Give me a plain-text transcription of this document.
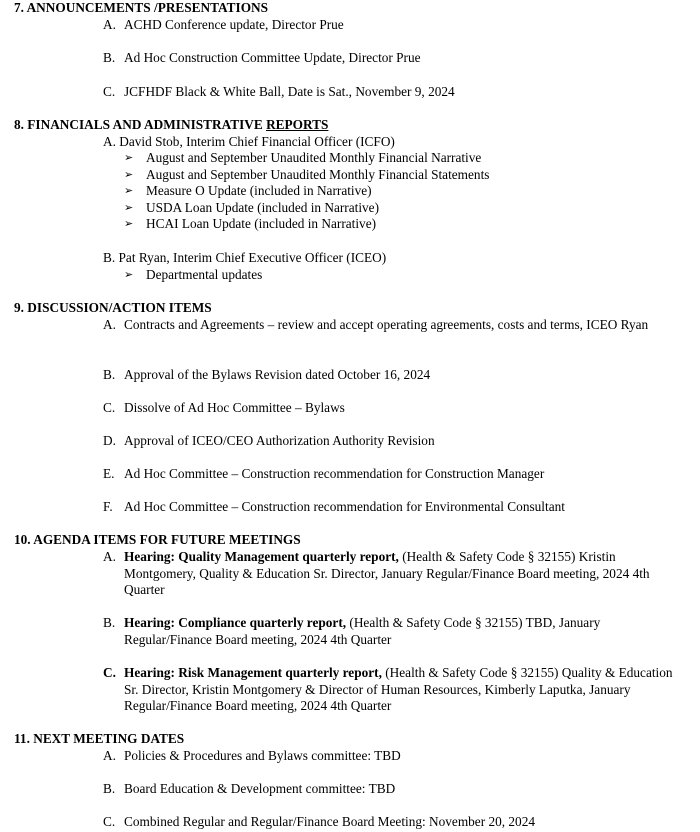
7. ANNOUNCEMENTS /PRESENTATIONS
A. ACHD Conference update, Director Prue
B. Ad Hoc Construction Committee Update, Director Prue
C. JCFHDF Black & White Ball, Date is Sat., November 9, 2024
8. FINANCIALS AND ADMINISTRATIVE REPORTS
A. David Stob, Interim Chief Financial Officer (ICFO)
➢ August and September Unaudited Monthly Financial Narrative
➢ August and September Unaudited Monthly Financial Statements
➢ Measure O Update (included in Narrative)
➢ USDA Loan Update (included in Narrative)
➢ HCAI Loan Update (included in Narrative)
B. Pat Ryan, Interim Chief Executive Officer (ICEO)
➢ Departmental updates
9. DISCUSSION/ACTION ITEMS
A. Contracts and Agreements – review and accept operating agreements, costs and terms, ICEO Ryan
B. Approval of the Bylaws Revision dated October 16, 2024
C. Dissolve of Ad Hoc Committee – Bylaws
D. Approval of ICEO/CEO Authorization Authority Revision
E. Ad Hoc Committee – Construction recommendation for Construction Manager
F. Ad Hoc Committee – Construction recommendation for Environmental Consultant
10. AGENDA ITEMS FOR FUTURE MEETINGS
A. Hearing: Quality Management quarterly report, (Health & Safety Code § 32155) Kristin Montgomery, Quality & Education Sr. Director, January Regular/Finance Board meeting, 2024 4th Quarter
B. Hearing: Compliance quarterly report, (Health & Safety Code § 32155) TBD, January Regular/Finance Board meeting, 2024 4th Quarter
C. Hearing: Risk Management quarterly report, (Health & Safety Code § 32155) Quality & Education Sr. Director, Kristin Montgomery & Director of Human Resources, Kimberly Laputka, January Regular/Finance Board meeting, 2024 4th Quarter
11. NEXT MEETING DATES
A. Policies & Procedures and Bylaws committee: TBD
B. Board Education & Development committee: TBD
C. Combined Regular and Regular/Finance Board Meeting: November 20, 2024
